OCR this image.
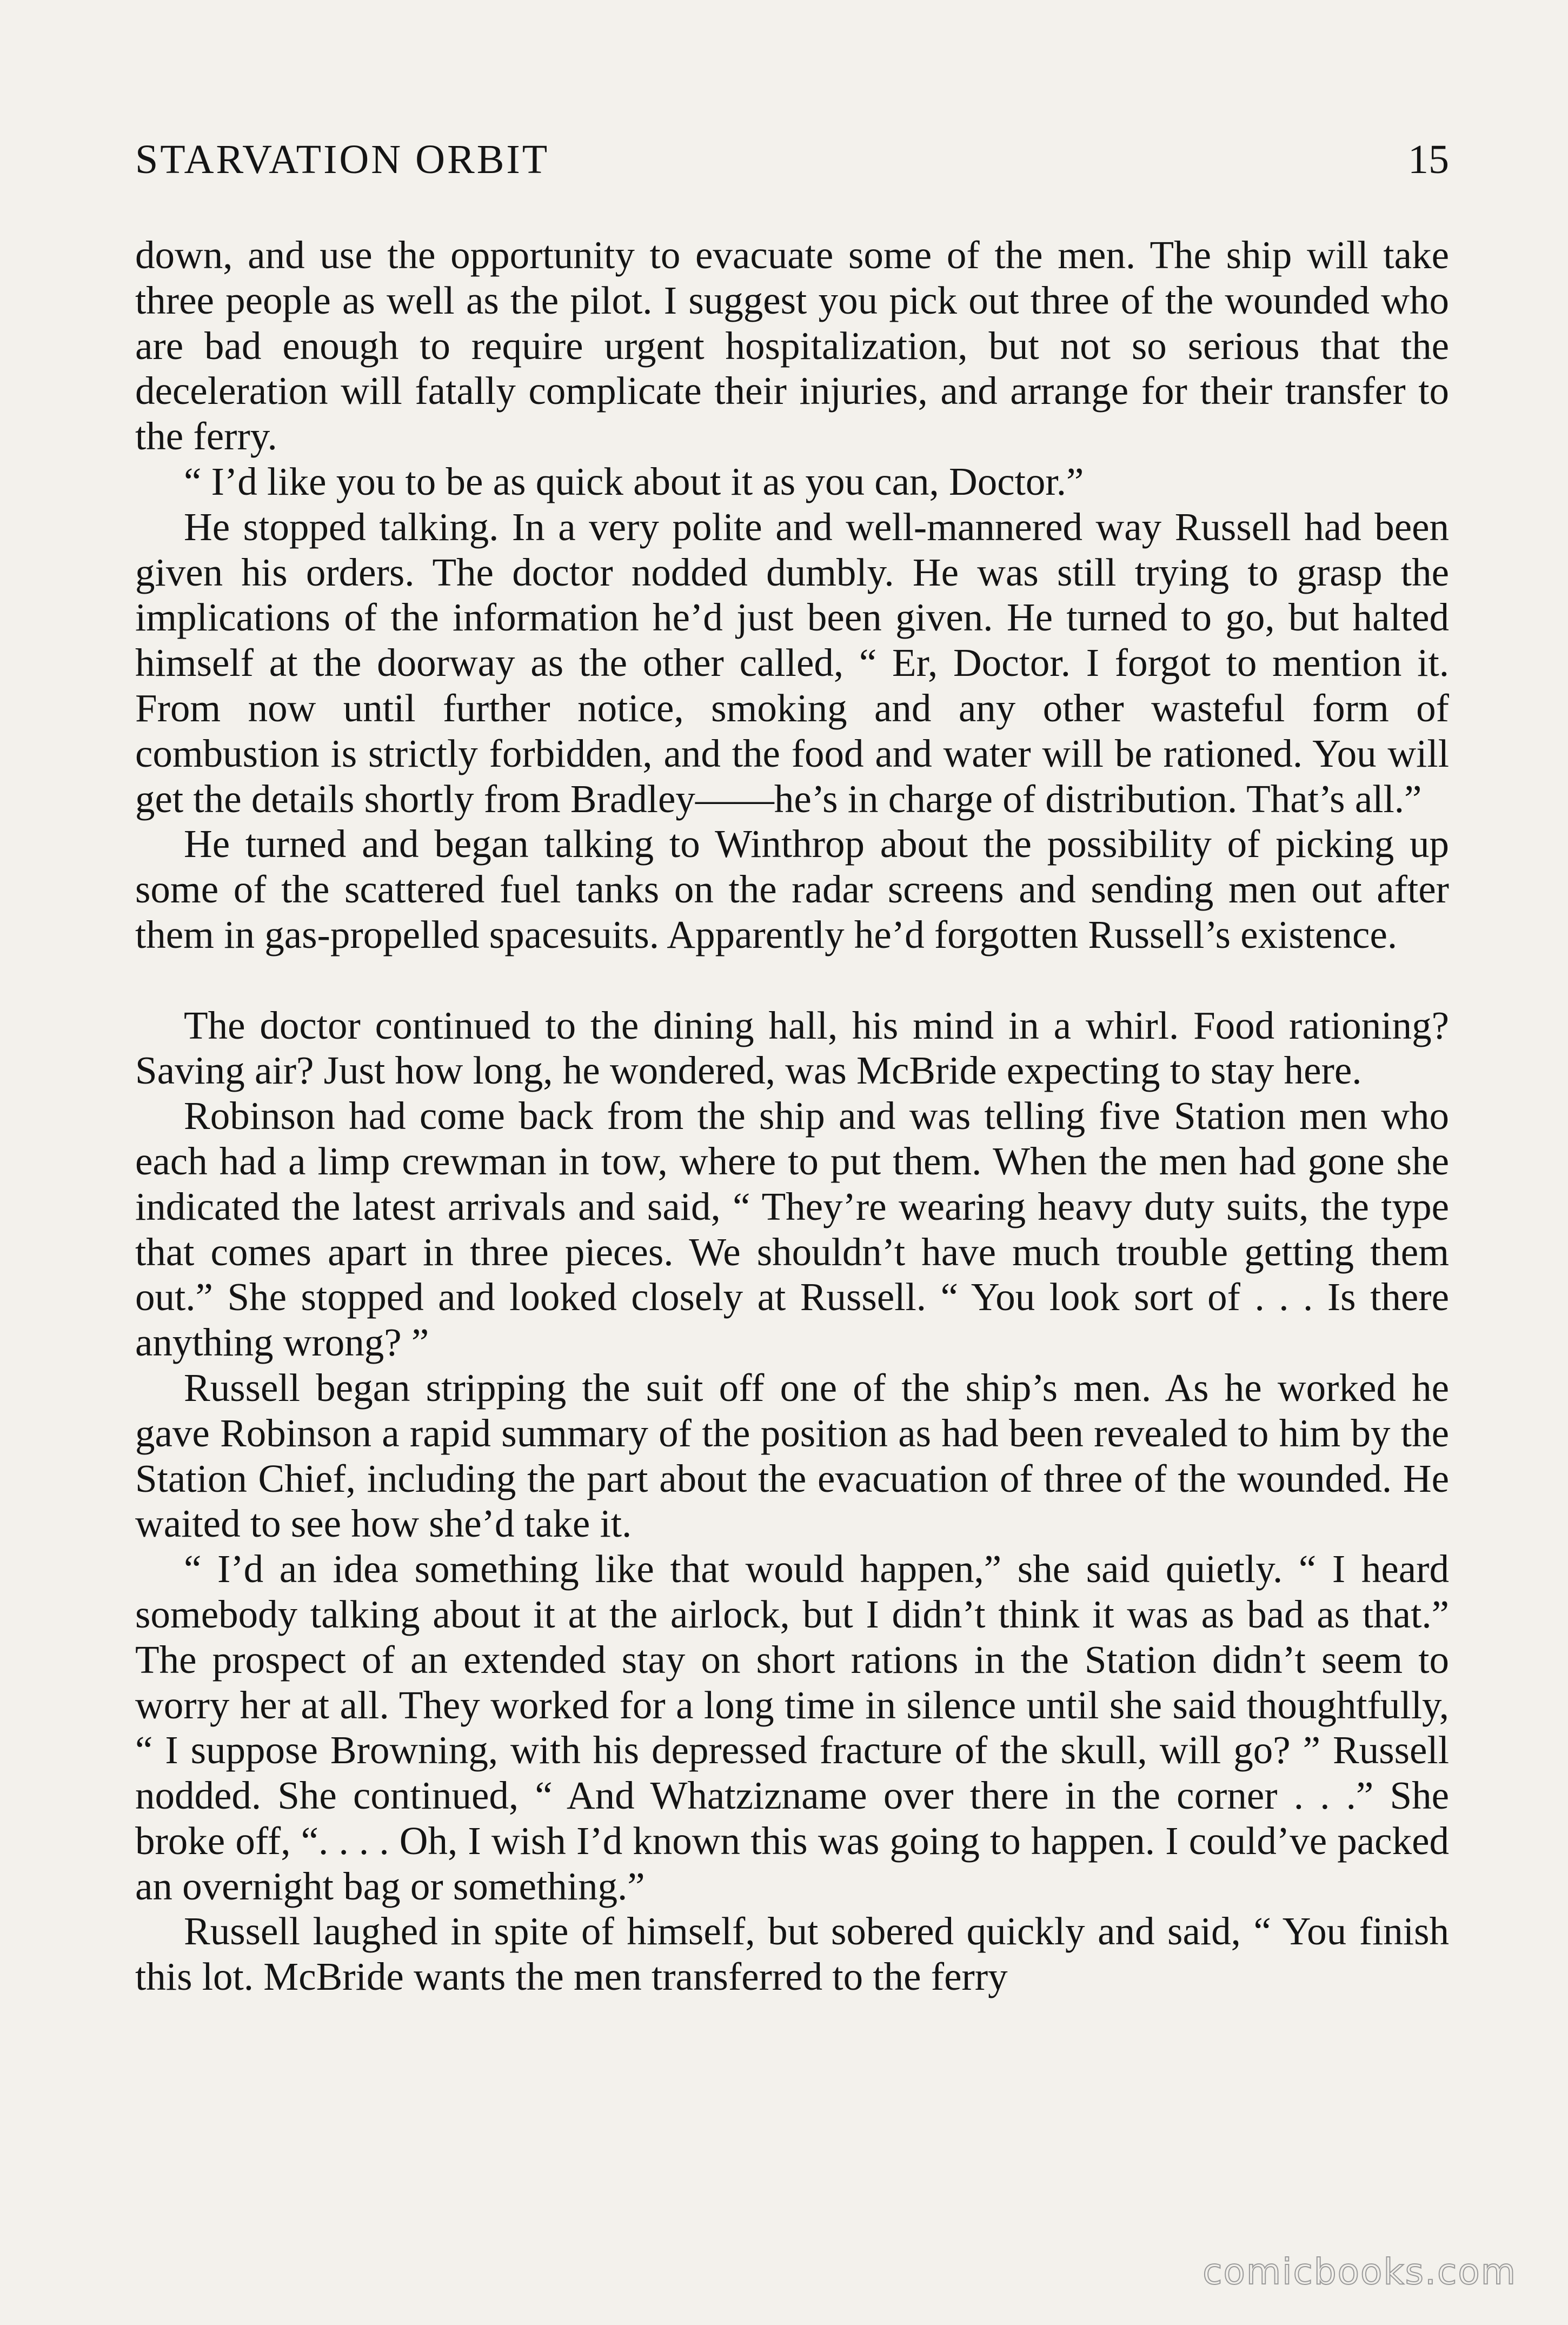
STARVATION ORBIT	15

down, and use the opportunity to evacuate some of the men. The ship will take three people as well as the pilot. I suggest you pick out three of the wounded who are bad enough to require urgent hospitalization, but not so serious that the deceleration will fatally complicate their injuries, and arrange for their transfer to the ferry.

“ I’d like you to be as quick about it as you can, Doctor.”

He stopped talking. In a very polite and well-mannered way Russell had been given his orders. The doctor nodded dumbly. He was still trying to grasp the implications of the information he’d just been given. He turned to go, but halted himself at the doorway as the other called, “ Er, Doctor. I forgot to mention it. From now until further notice, smoking and any other wasteful form of combustion is strictly forbidden, and the food and water will be rationed. You will get the details shortly from Bradley——he’s in charge of distribution. That’s all.”

He turned and began talking to Winthrop about the possibility of picking up some of the scattered fuel tanks on the radar screens and sending men out after them in gas-propelled spacesuits. Apparently he’d forgotten Russell’s existence.

The doctor continued to the dining hall, his mind in a whirl. Food rationing? Saving air? Just how long, he wondered, was McBride expecting to stay here.

Robinson had come back from the ship and was telling five Station men who each had a limp crewman in tow, where to put them. When the men had gone she indicated the latest arrivals and said, “ They’re wearing heavy duty suits, the type that comes apart in three pieces. We shouldn’t have much trouble getting them out.” She stopped and looked closely at Russell. “ You look sort of . . . Is there anything wrong? ”

Russell began stripping the suit off one of the ship’s men. As he worked he gave Robinson a rapid summary of the position as had been revealed to him by the Station Chief, including the part about the evacuation of three of the wounded. He waited to see how she’d take it.

“ I’d an idea something like that would happen,” she said quietly. “ I heard somebody talking about it at the airlock, but I didn’t think it was as bad as that.” The prospect of an extended stay on short rations in the Station didn’t seem to worry her at all. They worked for a long time in silence until she said thoughtfully, “ I suppose Browning, with his depressed fracture of the skull, will go? ” Russell nodded. She continued, “ And Whatzizname over there in the corner . . .” She broke off, “. . . . Oh, I wish I’d known this was going to happen. I could’ve packed an overnight bag or something.”

Russell laughed in spite of himself, but sobered quickly and said, “ You finish this lot. McBride wants the men transferred to the ferry

comicbooks.com
